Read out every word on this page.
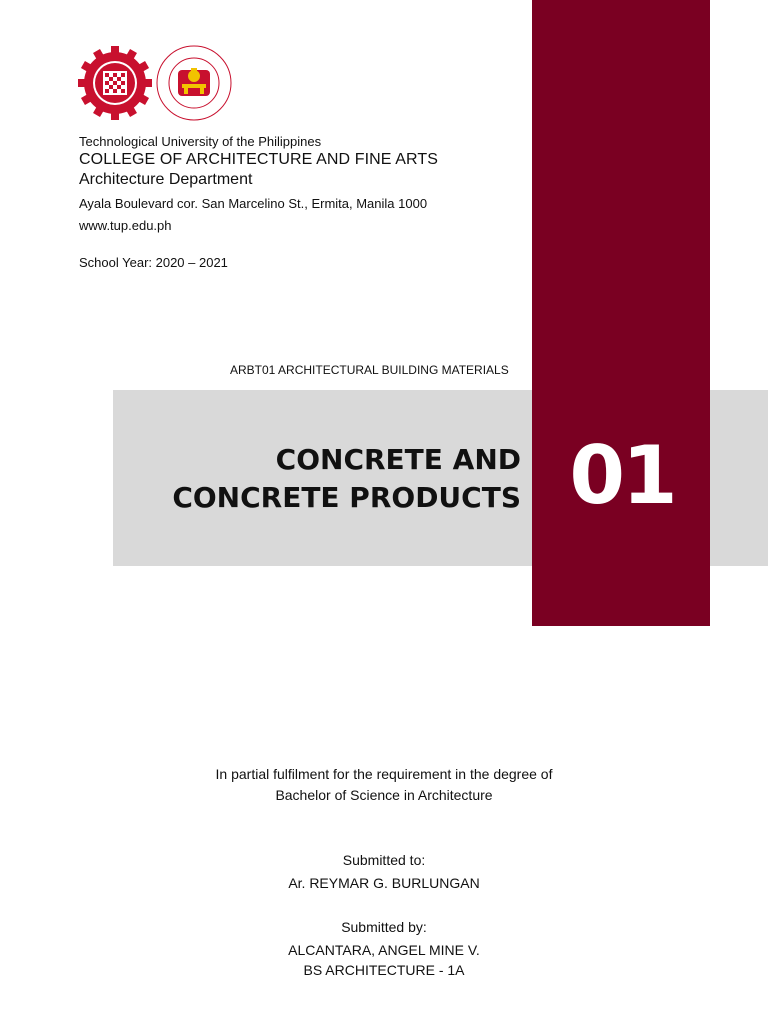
Technological University of the Philippines

COLLEGE OF ARCHITECTURE AND FINE ARTS

Architecture Department

Ayala Boulevard cor. San Marcelino St., Ermita, Manila 1000

www.tup.edu.ph

School Year: 2020 – 2021
ARBT01 ARCHITECTURAL BUILDING MATERIALS
CONCRETE AND
CONCRETE PRODUCTS 01
In partial fulfilment for the requirement in the degree of
Bachelor of Science in Architecture
Submitted to:
Ar. REYMAR G. BURLUNGAN
Submitted by:
ALCANTARA, ANGEL MINE V.
BS ARCHITECTURE - 1A
